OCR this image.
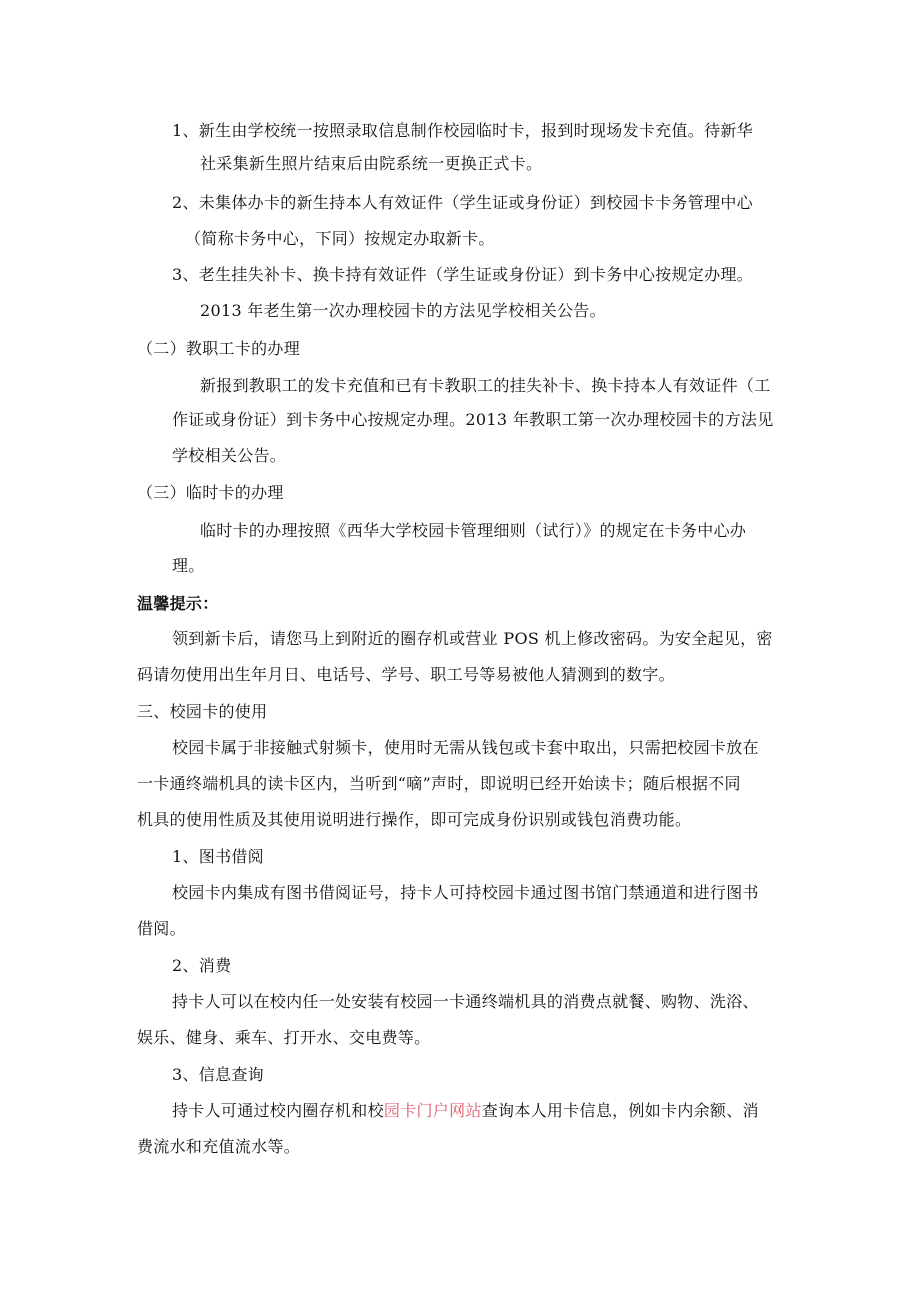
1、新生由学校统一按照录取信息制作校园临时卡，报到时现场发卡充值。待新华
社采集新生照片结束后由院系统一更换正式卡。
2、未集体办卡的新生持本人有效证件（学生证或身份证）到校园卡卡务管理中心
（简称卡务中心，下同）按规定办取新卡。
3、老生挂失补卡、换卡持有效证件（学生证或身份证）到卡务中心按规定办理。
2013 年老生第一次办理校园卡的方法见学校相关公告。
（二）教职工卡的办理
新报到教职工的发卡充值和已有卡教职工的挂失补卡、换卡持本人有效证件（工
作证或身份证）到卡务中心按规定办理。2013 年教职工第一次办理校园卡的方法见
学校相关公告。
（三）临时卡的办理
临时卡的办理按照《西华大学校园卡管理细则（试行）》的规定在卡务中心办
理。
温馨提示：
领到新卡后，请您马上到附近的圈存机或营业 POS 机上修改密码。为安全起见，密
码请勿使用出生年月日、电话号、学号、职工号等易被他人猜测到的数字。
三、校园卡的使用
校园卡属于非接触式射频卡，使用时无需从钱包或卡套中取出，只需把校园卡放在
一卡通终端机具的读卡区内，当听到“嘀”声时，即说明已经开始读卡；随后根据不同
机具的使用性质及其使用说明进行操作，即可完成身份识别或钱包消费功能。
1、图书借阅
校园卡内集成有图书借阅证号，持卡人可持校园卡通过图书馆门禁通道和进行图书
借阅。
2、消费
持卡人可以在校内任一处安装有校园一卡通终端机具的消费点就餐、购物、洗浴、
娱乐、健身、乘车、打开水、交电费等。
3、信息查询
持卡人可通过校内圈存机和校园卡门户网站查询本人用卡信息，例如卡内余额、消
费流水和充值流水等。
